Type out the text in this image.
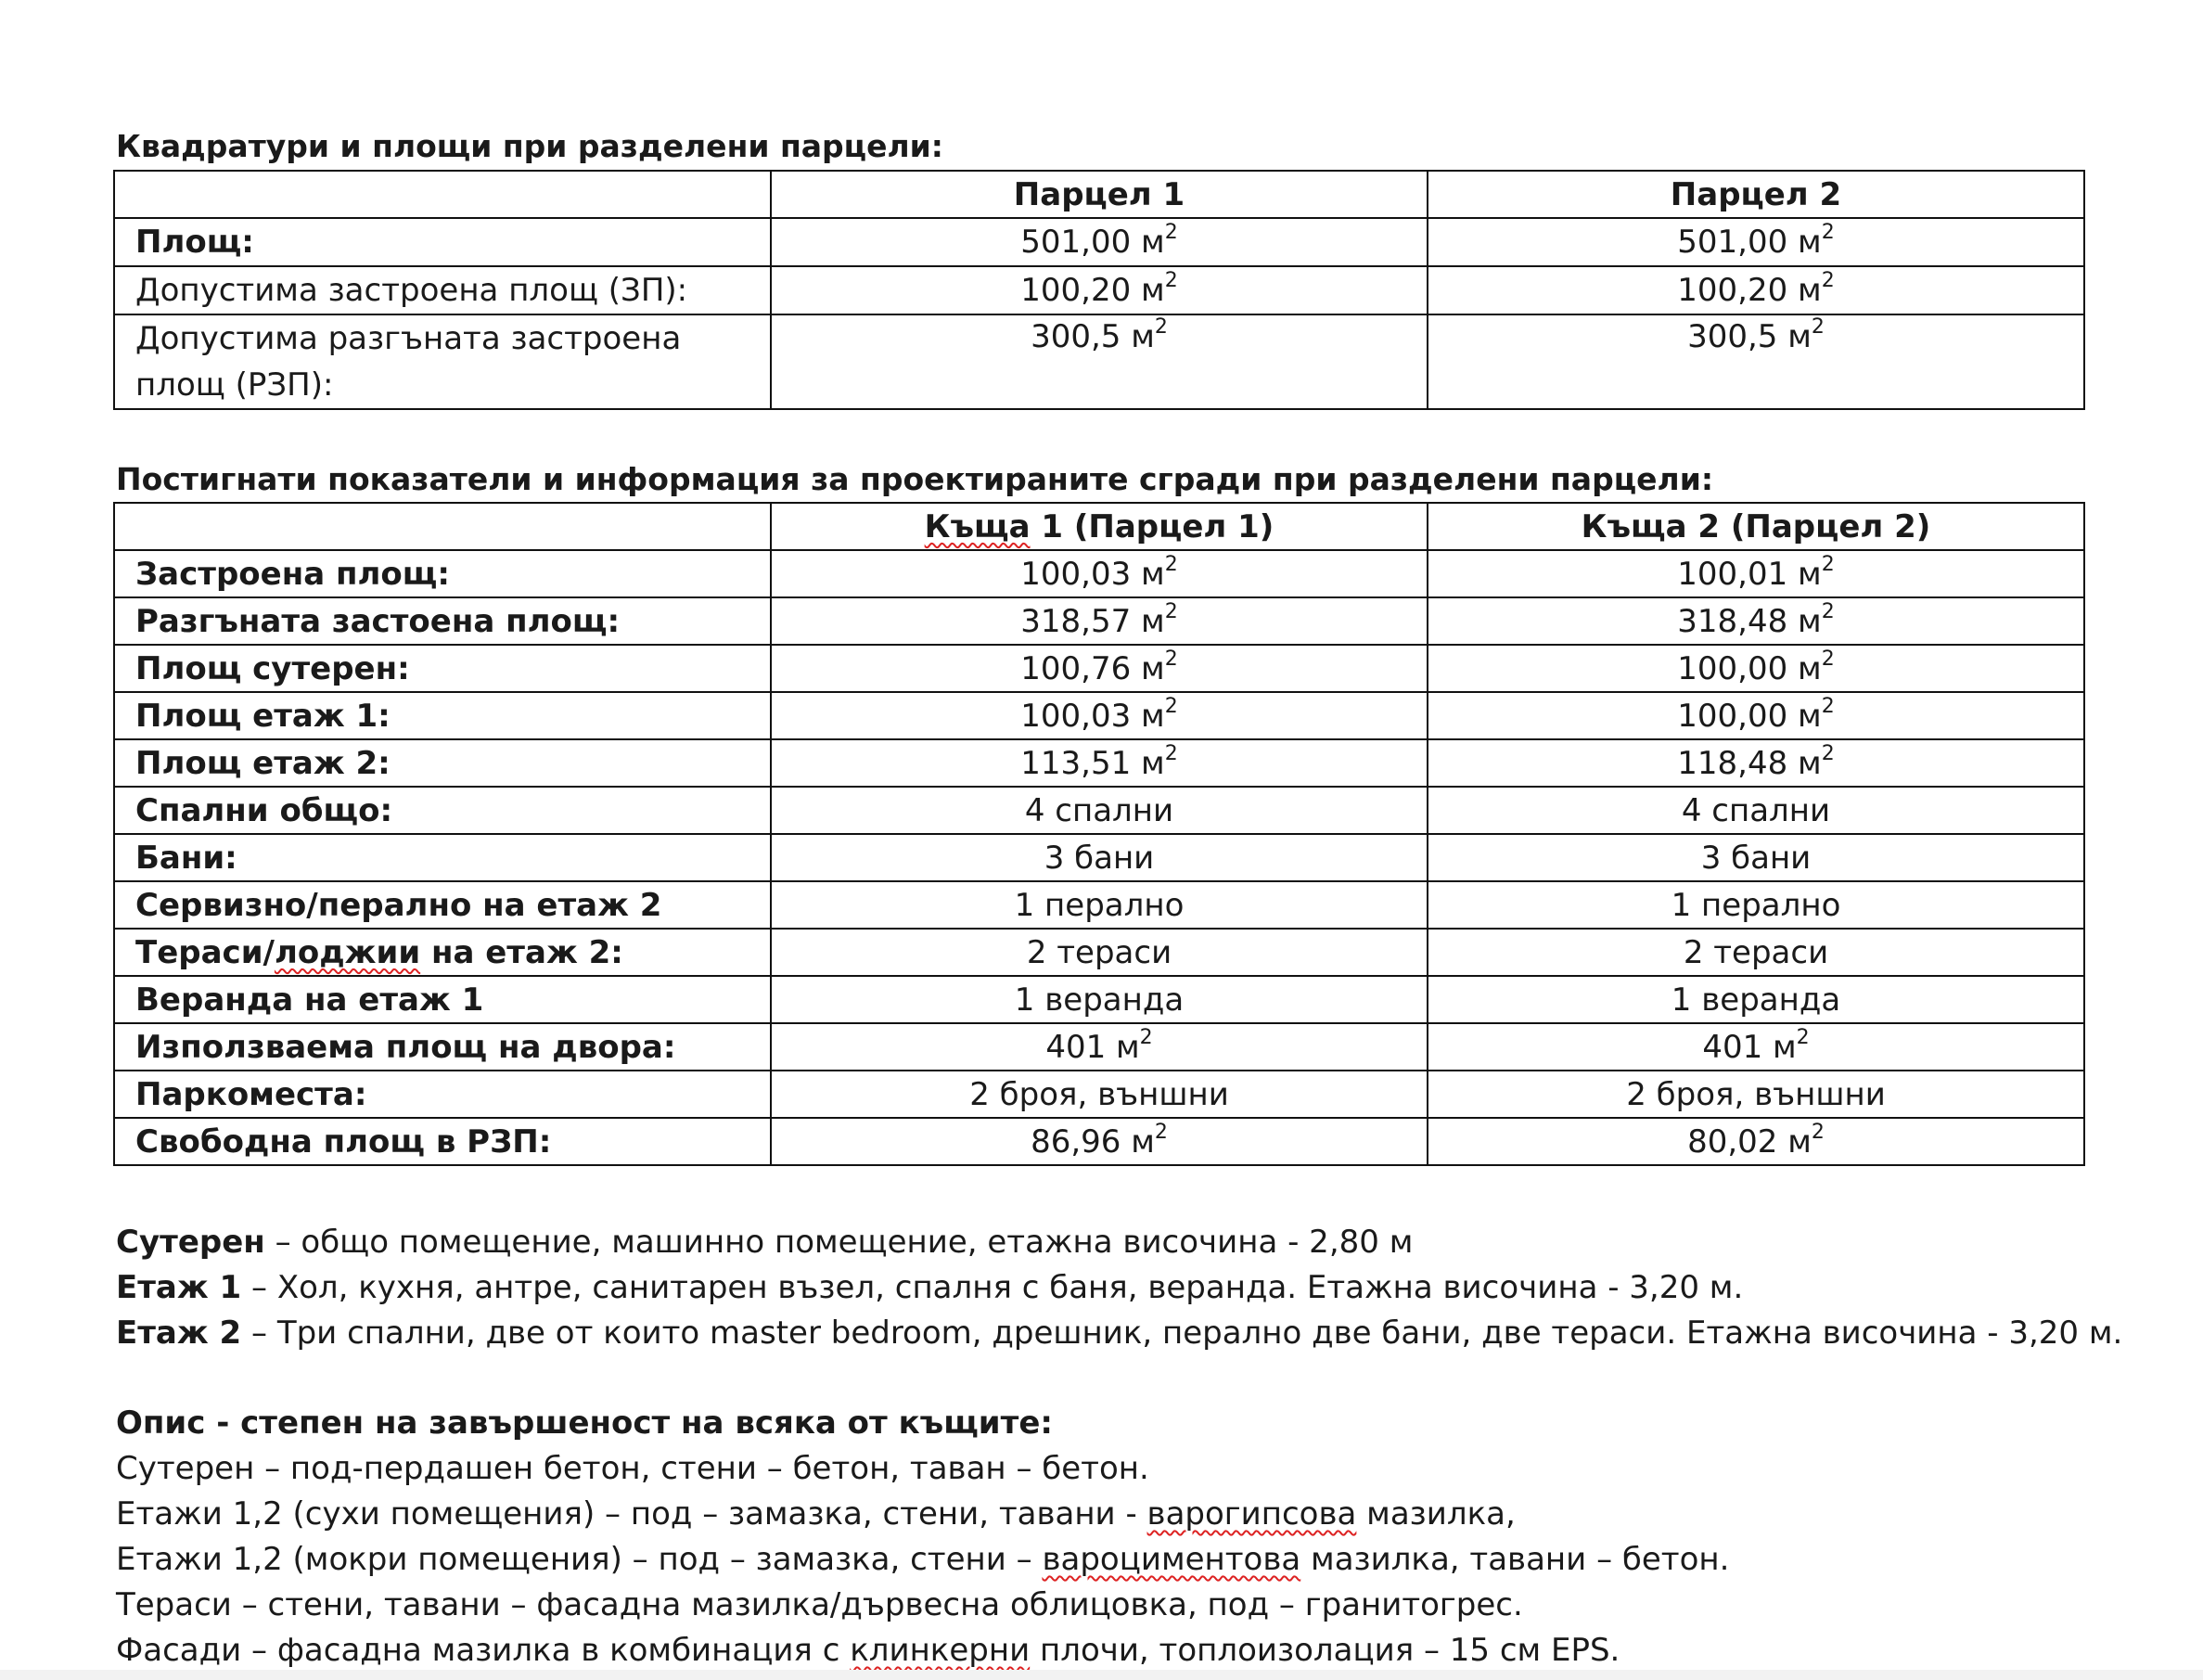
Квадратури и площи при разделени парцели:
	Парцел 1	Парцел 2
Площ:	501,00 $м^2$	501,00 $м^2$
Допустима застроена площ (ЗП):	100,20 $м^2$	100,20 $м^2$
Допустима разгъната застроена площ (РЗП):	300,5 $м^2$	300,5 $м^2$
Постигнати показатели и информация за проектираните сгради при разделени парцели:
	Къща 1 (Парцел 1)	Къща 2 (Парцел 2)
Застроена площ:	100,03 $м^2$	100,01 $м^2$
Разгъната застоена площ:	318,57 $м^2$	318,48 $м^2$
Площ сутерен:	100,76 $м^2$	100,00 $м^2$
Площ етаж 1:	100,03 $м^2$	100,00 $м^2$
Площ етаж 2:	113,51 $м^2$	118,48 $м^2$
Спални общо:	4 спални	4 спални
Бани:	3 бани	3 бани
Сервизно/перално на етаж 2	1 перално	1 перално
Тераси/лоджии на етаж 2:	2 тераси	2 тераси
Веранда на етаж 1	1 веранда	1 веранда
Използваема площ на двора:	401 $м^2$	401 $м^2$
Паркоместа:	2 броя, външни	2 броя, външни
Свободна площ в РЗП:	86,96 $м^2$	80,02 $м^2$

Сутерен – общо помещение, машинно помещение, етажна височина - 2,80 м

Етаж 1 – Хол, кухня, антре, санитарен възел, спалня с баня, веранда. Етажна височина - 3,20 м.

Етаж 2 – Три спални, две от които master bedroom, дрешник, перално две бани, две тераси. Етажна височина - 3,20 м.

Опис - степен на завършеност на всяка от къщите:

Сутерен – под-пердашен бетон, стени – бетон, таван – бетон.

Етажи 1,2 (сухи помещения) – под – замазка, стени, тавани - варогипсова мазилка,

Етажи 1,2 (мокри помещения) – под – замазка, стени – вароциментова мазилка, тавани – бетон.

Тераси – стени, тавани – фасадна мазилка/дървесна облицовка, под – гранитогрес.

Фасади – фасадна мазилка в комбинация с клинкерни плочи, топлоизолация – 15 см EPS.
